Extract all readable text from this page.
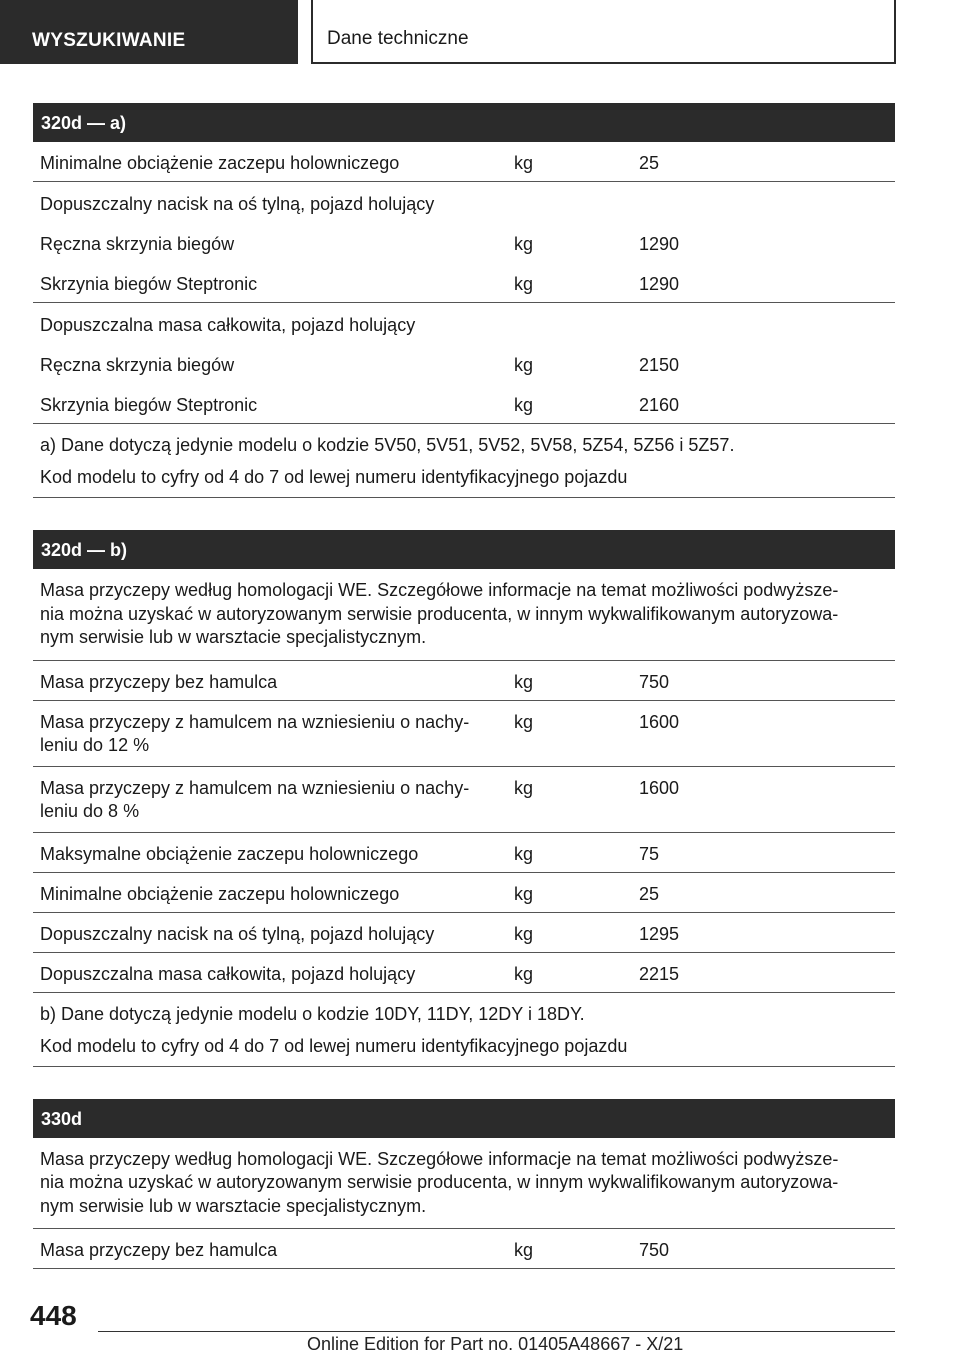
WYSZUKIWANIE	Dane techniczne
320d — a)
Minimalne obciążenie zaczepu holowniczego	kg	25
Dopuszczalny nacisk na oś tylną, pojazd holujący
Ręczna skrzynia biegów	kg	1290
Skrzynia biegów Steptronic	kg	1290
Dopuszczalna masa całkowita, pojazd holujący
Ręczna skrzynia biegów	kg	2150
Skrzynia biegów Steptronic	kg	2160

a) Dane dotyczą jedynie modelu o kodzie 5V50, 5V51, 5V52, 5V58, 5Z54, 5Z56 i 5Z57.

Kod modelu to cyfry od 4 do 7 od lewej numeru identyfikacyjnego pojazdu

320d — b)
Masa przyczepy według homologacji WE. Szczegółowe informacje na temat możliwości podwyższe-
nia można uzyskać w autoryzowanym serwisie producenta, w innym wykwalifikowanym autoryzowa-
nym serwisie lub w warsztacie specjalistycznym.
Masa przyczepy bez hamulca	kg	750
Masa przyczepy z hamulcem na wzniesieniu o nachy-
leniu do 12 %
kg	1600
Masa przyczepy z hamulcem na wzniesieniu o nachy-
leniu do 8 %
kg	1600
Maksymalne obciążenie zaczepu holowniczego	kg	75
Minimalne obciążenie zaczepu holowniczego	kg	25
Dopuszczalny nacisk na oś tylną, pojazd holujący	kg	1295
Dopuszczalna masa całkowita, pojazd holujący	kg	2215

b) Dane dotyczą jedynie modelu o kodzie 10DY, 11DY, 12DY i 18DY.

Kod modelu to cyfry od 4 do 7 od lewej numeru identyfikacyjnego pojazdu

330d
Masa przyczepy według homologacji WE. Szczegółowe informacje na temat możliwości podwyższe-
nia można uzyskać w autoryzowanym serwisie producenta, w innym wykwalifikowanym autoryzowa-
nym serwisie lub w warsztacie specjalistycznym.
Masa przyczepy bez hamulca	kg	750
448
Online Edition for Part no. 01405A48667 - X/21
